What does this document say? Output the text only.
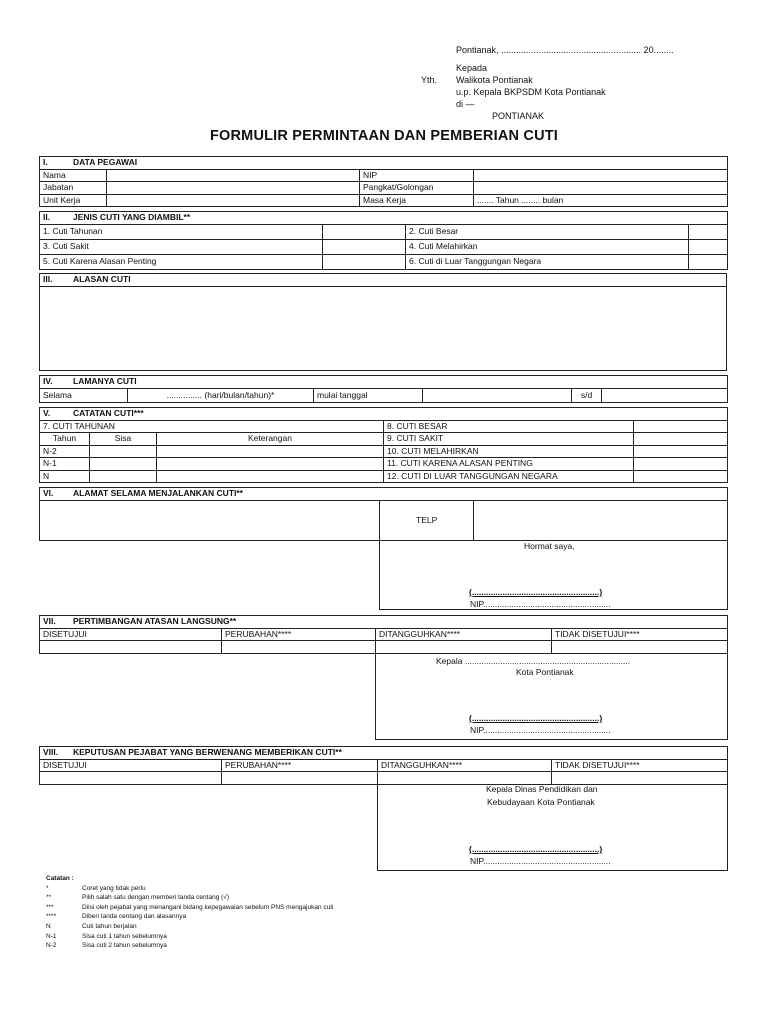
Pontianak, ........................................................ 20........
Kepada
Yth. Walikota Pontianak
u.p. Kepala BKPSDM Kota Pontianak
di —
PONTIANAK
FORMULIR PERMINTAAN DAN PEMBERIAN CUTI
I. DATA PEGAWAI			
Nama		NIP	
Jabatan		Pangkat/Golongan	
Unit Kerja		Masa Kerja	....... Tahun ........ bulan
II. JENIS CUTI YANG DIAMBIL**			
1. Cuti Tahunan		2. Cuti Besar	
3. Cuti Sakit		4. Cuti Melahirkan	
5. Cuti Karena Alasan Penting		6. Cuti di Luar Tanggungan Negara	
III. ALASAN CUTI

IV. LAMANYA CUTI
Selama	............... (hari/bulan/tahun)*	mulai tanggal		s/d	
V. CATATAN CUTI***				
7. CUTI TAHUNAN			8. CUTI BESAR	
Tahun	Sisa	Keterangan	9. CUTI SAKIT	
N-2			10. CUTI MELAHIRKAN	
N-1			11. CUTI KARENA ALASAN PENTING	
N			12. CUTI DI LUAR TANGGUNGAN NEGARA	
VI. ALAMAT SELAMA MENJALANKAN CUTI**		
	TELP	

Hormat saya,
(......................................................)
NIP......................................................
VII. PERTIMBANGAN ATASAN LANGSUNG**			
DISETUJUI	PERUBAHAN****	DITANGGUHKAN****	TIDAK DISETUJUI****

Kepala ......................................................................
Kota Pontianak
(......................................................)
NIP......................................................
VIII. KEPUTUSAN PEJABAT YANG BERWENANG MEMBERIKAN CUTI**			
DISETUJUI	PERUBAHAN****	DITANGGUHKAN****	TIDAK DISETUJUI****

Kepala Dinas Pendidikan dan
Kebudayaan Kota Pontianak
(......................................................)
NIP......................................................
Catatan :
*	Coret yang tidak perlu
**	Pilih salah satu dengan memberi tanda centang (√)
***	Diisi oleh pejabat yang menangani bidang kepegawaian sebelum PNS mengajukan cuti
****	Diberi tanda centang dan alasannya
N	Cuti tahun berjalan
N-1	Sisa cuti 1 tahun sebelumnya
N-2	Sisa cuti 2 tahun sebelumnya
